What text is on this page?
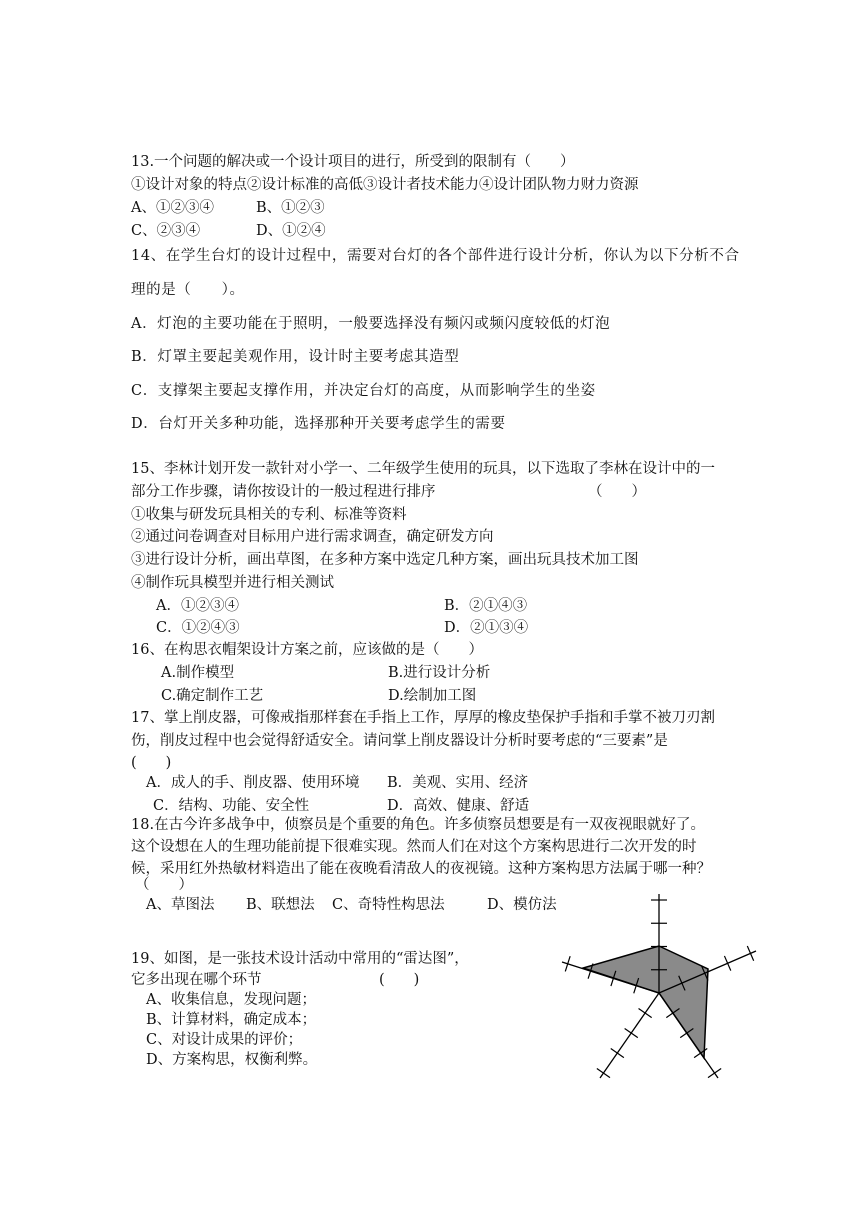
13.一个问题的解决或一个设计项目的进行，所受到的限制有（　　）
①设计对象的特点②设计标准的高低③设计者技术能力④设计团队物力财力资源
A、①②③④	B、①②③
C、②③④	D、①②④
14、在学生台灯的设计过程中，需要对台灯的各个部件进行设计分析，你认为以下分析不合
理的是（　　）。
A．灯泡的主要功能在于照明，一般要选择没有频闪或频闪度较低的灯泡
B．灯罩主要起美观作用，设计时主要考虑其造型
C．支撑架主要起支撑作用，并决定台灯的高度，从而影响学生的坐姿
D．台灯开关多种功能，选择那种开关要考虑学生的需要
15、李林计划开发一款针对小学一、二年级学生使用的玩具，以下选取了李林在设计中的一
部分工作步骤，请你按设计的一般过程进行排序	（　　）
①收集与研发玩具相关的专利、标准等资料
②通过问卷调查对目标用户进行需求调查，确定研发方向
③进行设计分析，画出草图，在多种方案中选定几种方案，画出玩具技术加工图
④制作玩具模型并进行相关测试
A．①②③④	B．②①④③
C．①②④③	D．②①③④
16、在构思衣帽架设计方案之前，应该做的是（　　）
A.制作模型	B.进行设计分析
C.确定制作工艺	D.绘制加工图
17、掌上削皮器，可像戒指那样套在手指上工作，厚厚的橡皮垫保护手指和手掌不被刀刃割
伤，削皮过程中也会觉得舒适安全。请问掌上削皮器设计分析时要考虑的“三要素”是
(　　)
A．成人的手、削皮器、使用环境 B．美观、实用、经济
C．结构、功能、安全性	D．高效、健康、舒适
18.在古今许多战争中，侦察员是个重要的角色。许多侦察员想要是有一双夜视眼就好了。
这个设想在人的生理功能前提下很难实现。然而人们在对这个方案构思进行二次开发的时
候，采用红外热敏材料造出了能在夜晚看清敌人的夜视镜。这种方案构思方法属于哪一种？
（　　）
A、草图法 B、联想法 C、奇特性构思法	D、模仿法
19、如图，是一张技术设计活动中常用的“雷达图”，
它多出现在哪个环节	(　　)
A、收集信息，发现问题；
B、计算材料，确定成本；
C、对设计成果的评价；
D、方案构思，权衡利弊。
